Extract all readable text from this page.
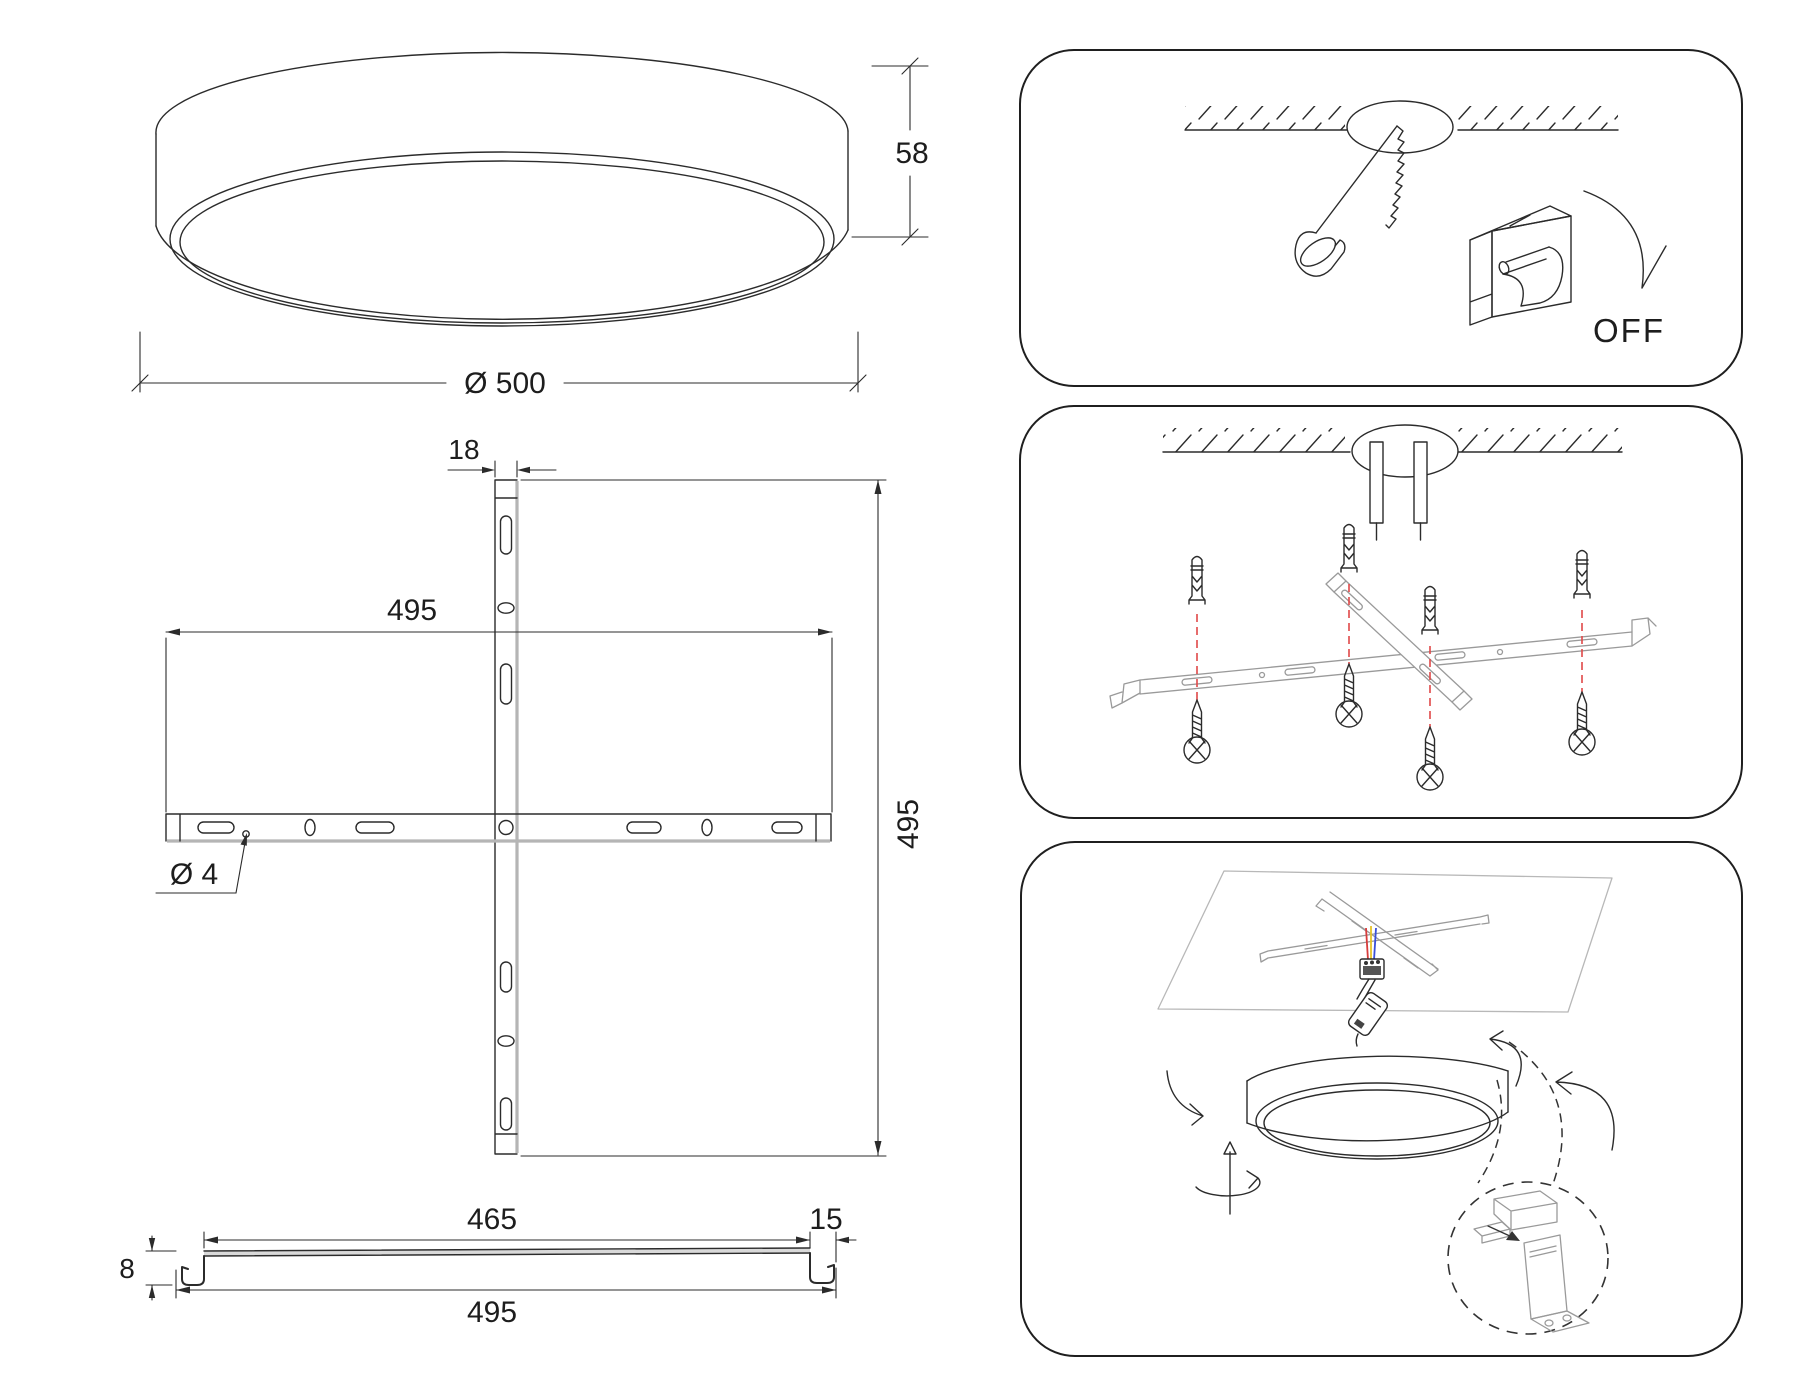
58
Ø 500
18
495
495
Ø 4
465	15
8
495
OFF
